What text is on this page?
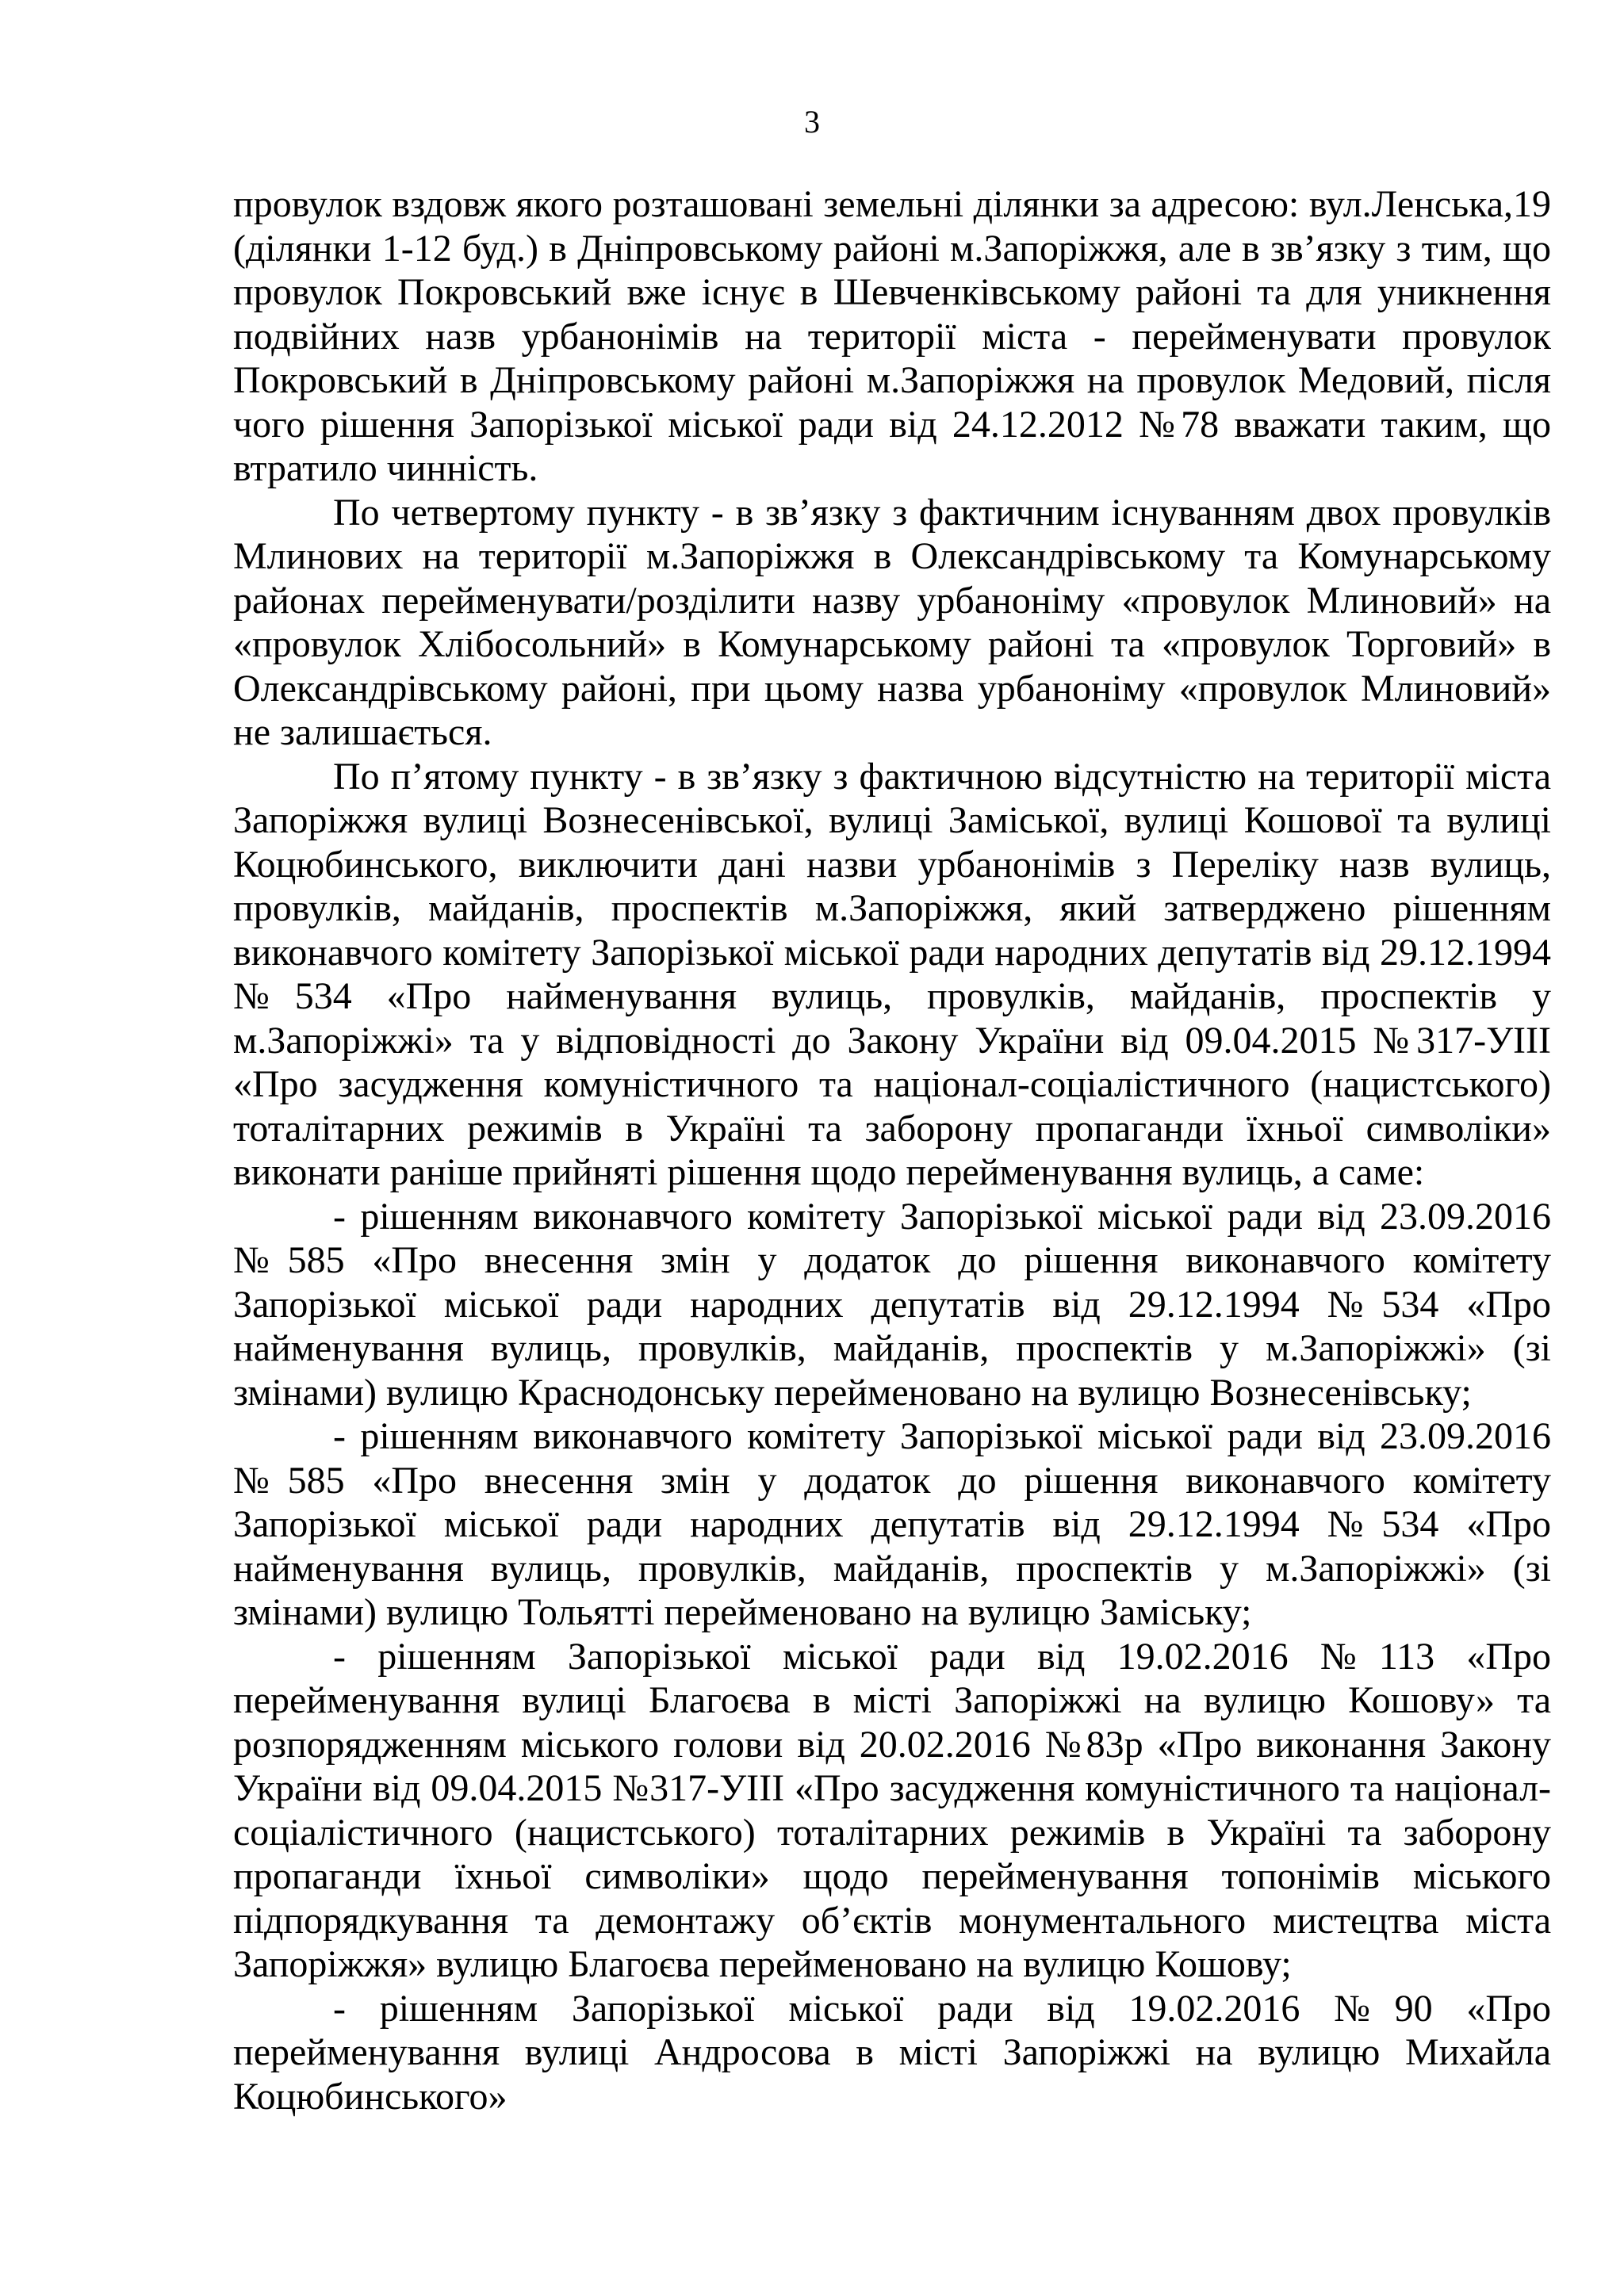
3

провулок вздовж якого розташовані земельні ділянки за адресою: вул.Ленська,19 (ділянки 1-12 буд.) в Дніпровському районі м.Запоріжжя, але в зв’язку з тим, що провулок Покровський вже існує в Шевченківському районі та для уникнення подвійних назв урбанонімів на території міста - перейменувати провулок Покровський в Дніпровському районі м.Запоріжжя на провулок Медовий, після чого рішення Запорізької міської ради від 24.12.2012 №78 вважати таким, що втратило чинність.

По четвертому пункту - в зв’язку з фактичним існуванням двох провулків Млинових на території м.Запоріжжя в Олександрівському та Комунарському районах перейменувати/розділити назву урбаноніму «провулок Млиновий» на «провулок Хлібосольний» в Комунарському районі та «провулок Торговий» в Олександрівському районі, при цьому назва урбаноніму «провулок Млиновий» не залишається.

По п’ятому пункту - в зв’язку з фактичною відсутністю на території міста Запоріжжя вулиці Вознесенівської, вулиці Заміської, вулиці Кошової та вулиці Коцюбинського, виключити дані назви урбанонімів з Переліку назв вулиць, провулків, майданів, проспектів м.Запоріжжя, який затверджено рішенням виконавчого комітету Запорізької міської ради народних депутатів від 29.12.1994 №534 «Про найменування вулиць, провулків, майданів, проспектів у м.Запоріжжі» та у відповідності до Закону України від 09.04.2015 №317-УІІІ «Про засудження комуністичного та націонал-соціалістичного (нацистського) тоталітарних режимів в Україні та заборону пропаганди їхньої символіки» виконати раніше прийняті рішення щодо перейменування вулиць, а саме:

- рішенням виконавчого комітету Запорізької міської ради від 23.09.2016 №585 «Про внесення змін у додаток до рішення виконавчого комітету Запорізької міської ради народних депутатів від 29.12.1994 №534 «Про найменування вулиць, провулків, майданів, проспектів у м.Запоріжжі» (зі змінами) вулицю Краснодонську перейменовано на вулицю Вознесенівську;

- рішенням виконавчого комітету Запорізької міської ради від 23.09.2016 №585 «Про внесення змін у додаток до рішення виконавчого комітету Запорізької міської ради народних депутатів від 29.12.1994 №534 «Про найменування вулиць, провулків, майданів, проспектів у м.Запоріжжі» (зі змінами) вулицю Тольятті перейменовано на вулицю Заміську;

- рішенням Запорізької міської ради від 19.02.2016 №113 «Про перейменування вулиці Благоєва в місті Запоріжжі на вулицю Кошову» та розпорядженням міського голови від 20.02.2016 №83р «Про виконання Закону України від 09.04.2015 №317-УІІІ «Про засудження комуністичного та націонал-соціалістичного (нацистського) тоталітарних режимів в Україні та заборону пропаганди їхньої символіки» щодо перейменування топонімів міського підпорядкування та демонтажу об’єктів монументального мистецтва міста Запоріжжя» вулицю Благоєва перейменовано на вулицю Кошову;

- рішенням Запорізької міської ради від 19.02.2016 №90 «Про перейменування вулиці Андросова в місті Запоріжжі на вулицю Михайла Коцюбинського»
